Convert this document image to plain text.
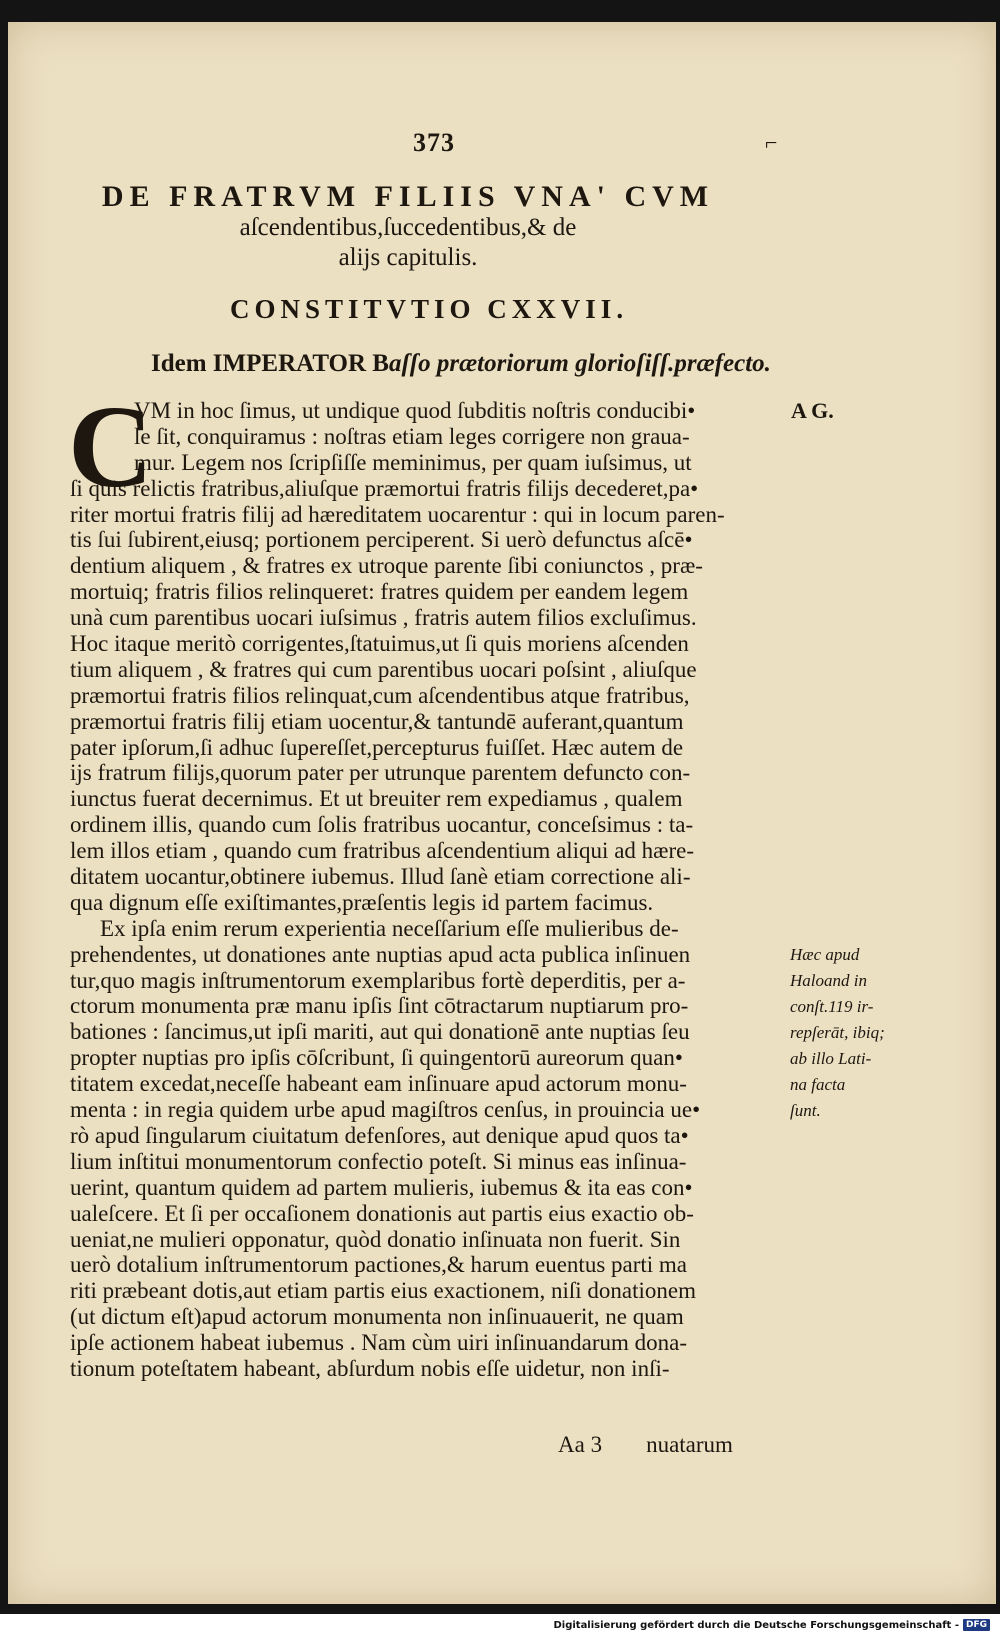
373	⌐
DE FRATRVM FILIIS VNA' CVM
aſcendentibus,ſuccedentibus,& de
alijs capitulis.
CONSTITVTIO CXXVII.
Idem IMPERATOR Baſſo prætoriorum glorioſiſſ.præfecto.
C
VM in hoc ſimus, ut undique quod ſubditis noſtris conducibi•
le ſit, conquiramus : noſtras etiam leges corrigere non graua-
mur. Legem nos ſcripſiſſe meminimus, per quam iuſsimus, ut
ſi quis relictis fratribus,aliuſque præmortui fratris filijs decederet,pa•
riter mortui fratris filij ad hæreditatem uocarentur : qui in locum paren-
tis ſui ſubirent,eiusq; portionem perciperent. Si uerò defunctus aſcē•
dentium aliquem , & fratres ex utroque parente ſibi coniunctos , præ-
mortuiq; fratris filios relinqueret: fratres quidem per eandem legem
unà cum parentibus uocari iuſsimus , fratris autem filios excluſimus.
Hoc itaque meritò corrigentes,ſtatuimus,ut ſi quis moriens aſcenden
tium aliquem , & fratres qui cum parentibus uocari poſsint , aliuſque
præmortui fratris filios relinquat,cum aſcendentibus atque fratribus,
præmortui fratris filij etiam uocentur,& tantundē auferant,quantum
pater ipſorum,ſi adhuc ſupereſſet,percepturus fuiſſet. Hæc autem de
ijs fratrum filijs,quorum pater per utrunque parentem defuncto con-
iunctus fuerat decernimus. Et ut breuiter rem expediamus , qualem
ordinem illis, quando cum ſolis fratribus uocantur, conceſsimus : ta-
lem illos etiam , quando cum fratribus aſcendentium aliqui ad hære-
ditatem uocantur,obtinere iubemus. Illud ſanè etiam correctione ali-
qua dignum eſſe exiſtimantes,præſentis legis id partem facimus.
Ex ipſa enim rerum experientia neceſſarium eſſe mulieribus de-
prehendentes, ut donationes ante nuptias apud acta publica inſinuen
tur,quo magis inſtrumentorum exemplaribus fortè deperditis, per a-
ctorum monumenta præ manu ipſis ſint cōtractarum nuptiarum pro-
bationes : ſancimus,ut ipſi mariti, aut qui donationē ante nuptias ſeu
propter nuptias pro ipſis cōſcribunt, ſi quingentorū aureorum quan•
titatem excedat,neceſſe habeant eam inſinuare apud actorum monu-
menta : in regia quidem urbe apud magiſtros cenſus, in prouincia ue•
rò apud ſingularum ciuitatum defenſores, aut denique apud quos ta•
lium inſtitui monumentorum confectio poteſt. Si minus eas inſinua-
uerint, quantum quidem ad partem mulieris, iubemus & ita eas con•
ualeſcere. Et ſi per occaſionem donationis aut partis eius exactio ob-
ueniat,ne mulieri opponatur, quòd donatio inſinuata non fuerit. Sin
uerò dotalium inſtrumentorum pactiones,& harum euentus parti ma
riti præbeant dotis,aut etiam partis eius exactionem, niſi donationem
(ut dictum eſt)apud actorum monumenta non inſinuauerit, ne quam
ipſe actionem habeat iubemus . Nam cùm uiri inſinuandarum dona-
tionum poteſtatem habeant, abſurdum nobis eſſe uidetur, non inſi-
A G.
Hæc apud
Haloand in
conſt.119 ir-
repſerāt, ibiq;
ab illo Lati-
na facta
ſunt.
Aa 3 nuatarum
Digitalisierung gefördert durch die Deutsche Forschungsgemeinschaft - DFG
